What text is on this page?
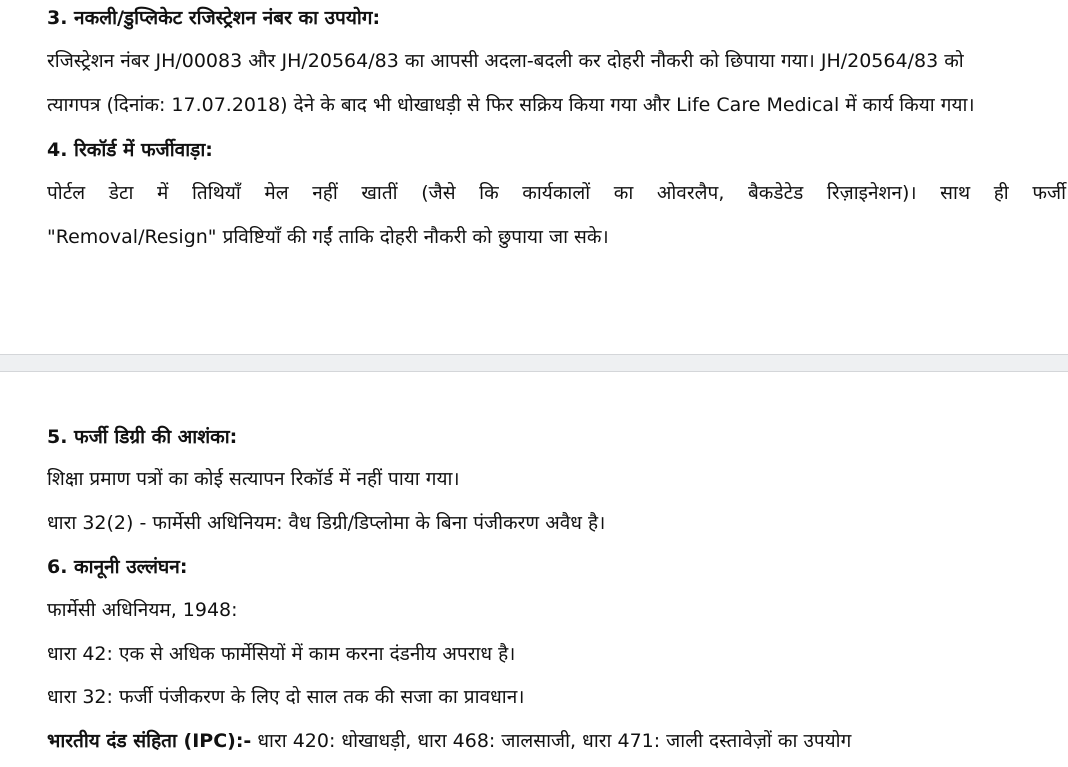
3. नकली/डुप्लिकेट रजिस्ट्रेशन नंबर का उपयोग:
रजिस्ट्रेशन नंबर JH/00083 और JH/20564/83 का आपसी अदला-बदली कर दोहरी नौकरी को छिपाया गया। JH/20564/83 को
त्यागपत्र (दिनांक: 17.07.2018) देने के बाद भी धोखाधड़ी से फिर सक्रिय किया गया और Life Care Medical में कार्य किया गया।
4. रिकॉर्ड में फर्जीवाड़ा:
पोर्टल डेटा में तिथियाँ मेल नहीं खातीं (जैसे कि कार्यकालों का ओवरलैप, बैकडेटेड रिज़ाइनेशन)। साथ ही फर्जी
"Removal/Resign" प्रविष्टियाँ की गईं ताकि दोहरी नौकरी को छुपाया जा सके।
5. फर्जी डिग्री की आशंका:
शिक्षा प्रमाण पत्रों का कोई सत्यापन रिकॉर्ड में नहीं पाया गया।
धारा 32(2) - फार्मेसी अधिनियम: वैध डिग्री/डिप्लोमा के बिना पंजीकरण अवैध है।
6. कानूनी उल्लंघन:
फार्मेसी अधिनियम, 1948:
धारा 42: एक से अधिक फार्मेसियों में काम करना दंडनीय अपराध है।
धारा 32: फर्जी पंजीकरण के लिए दो साल तक की सजा का प्रावधान।
भारतीय दंड संहिता (IPC):- धारा 420: धोखाधड़ी, धारा 468: जालसाजी, धारा 471: जाली दस्तावेज़ों का उपयोग
